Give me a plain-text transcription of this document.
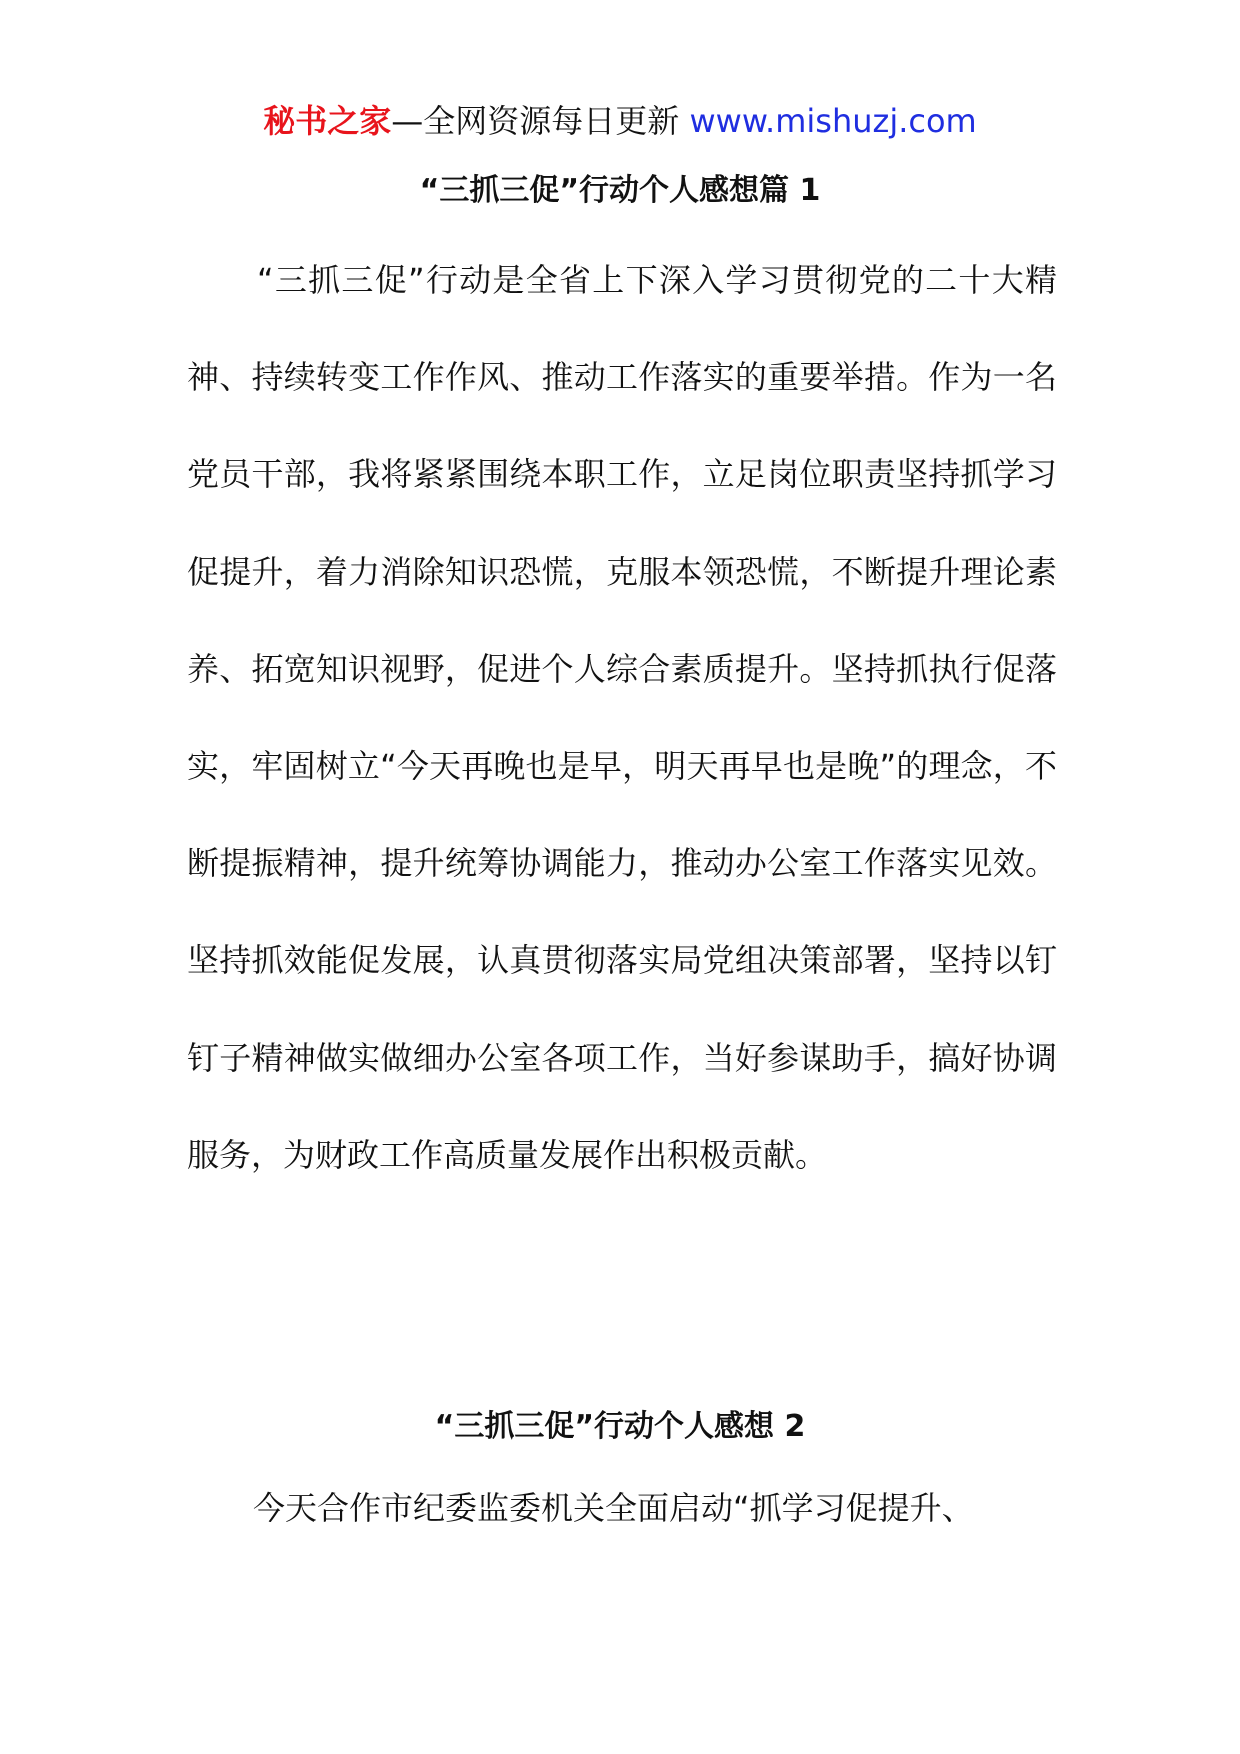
秘书之家—全网资源每日更新 www.mishuzj.com
“三抓三促”行动个人感想篇 1

“三抓三促”行动是全省上下深入学习贯彻党的二十大精神、持续转变工作作风、推动工作落实的重要举措。作为一名党员干部，我将紧紧围绕本职工作，立足岗位职责坚持抓学习促提升，着力消除知识恐慌，克服本领恐慌，不断提升理论素养、拓宽知识视野，促进个人综合素质提升。坚持抓执行促落实，牢固树立“今天再晚也是早，明天再早也是晚”的理念，不断提振精神，提升统筹协调能力，推动办公室工作落实见效。坚持抓效能促发展，认真贯彻落实局党组决策部署，坚持以钉钉子精神做实做细办公室各项工作，当好参谋助手，搞好协调服务，为财政工作高质量发展作出积极贡献。

“三抓三促”行动个人感想 2

今天合作市纪委监委机关全面启动“抓学习促提升、
